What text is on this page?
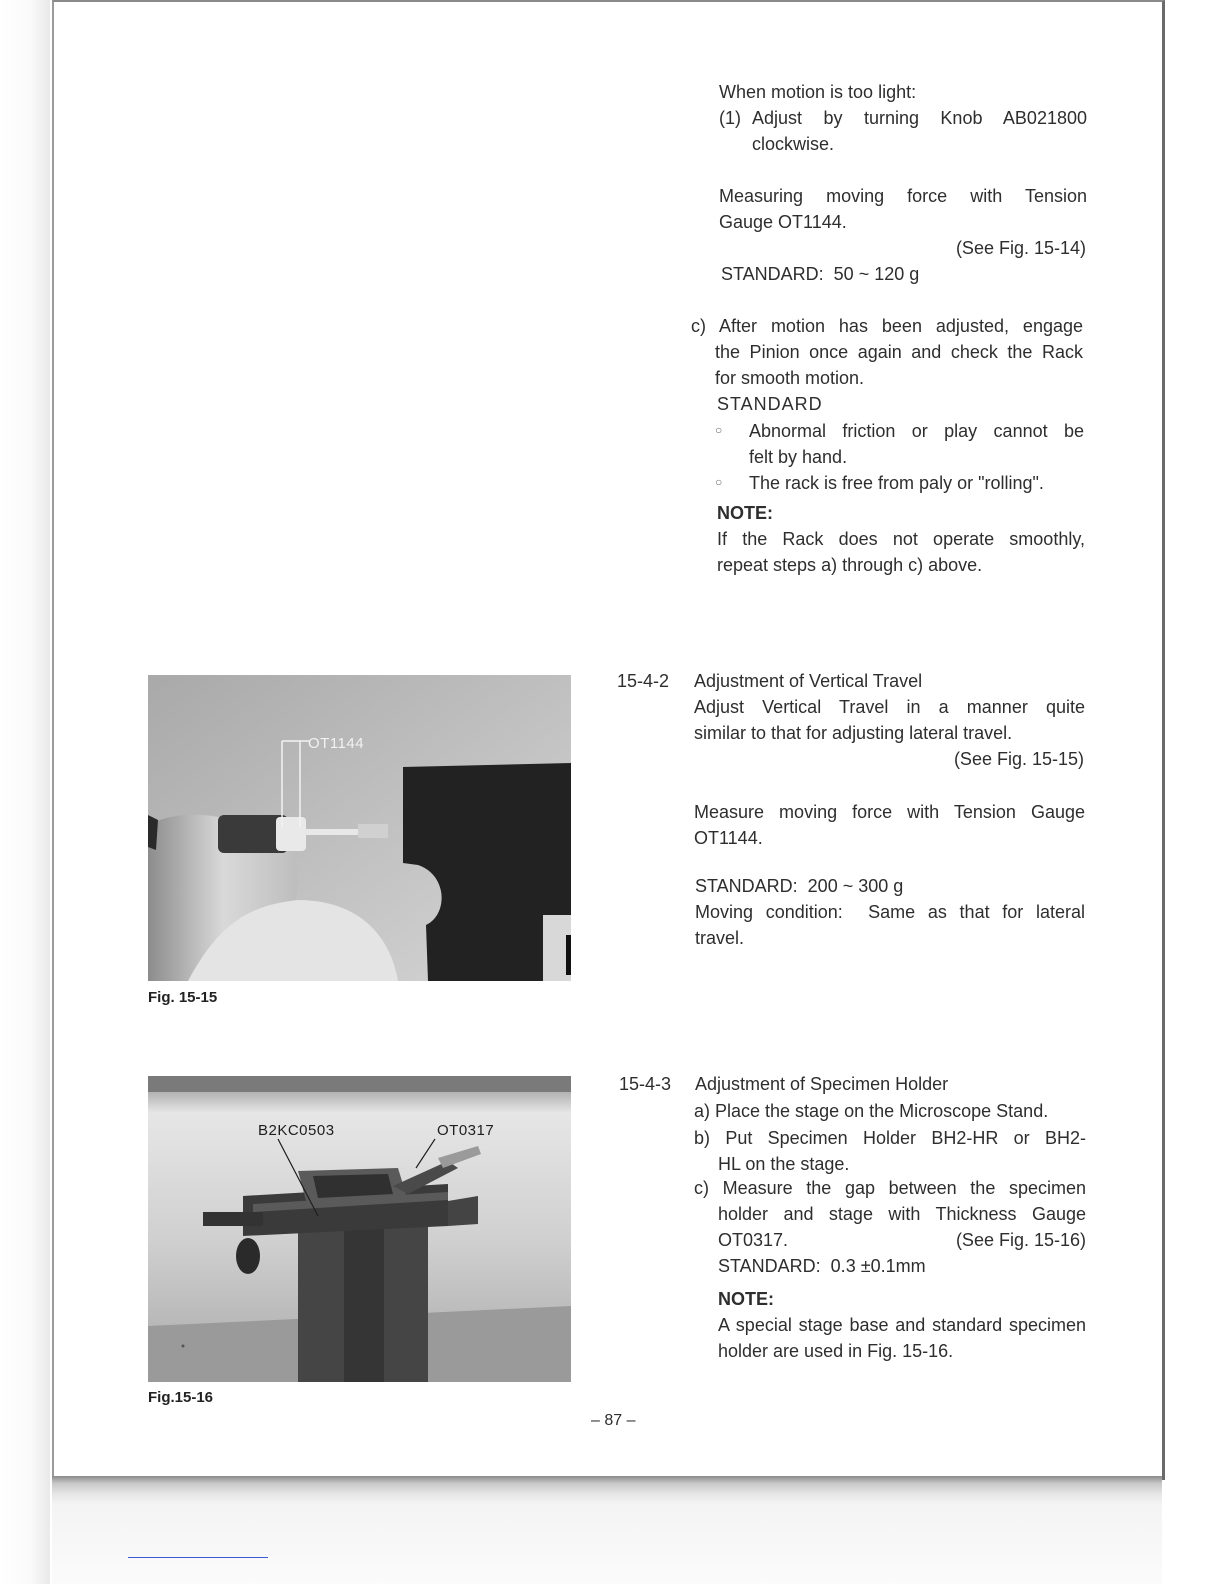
When motion is too light:
(1) Adjust by turning Knob AB021800
clockwise.
Measuring moving force with Tension
Gauge OT1144.
(See Fig. 15-14)
STANDARD:  50 ~ 120 g
c) After motion has been adjusted, engage
the Pinion once again and check the Rack
for smooth motion.
STANDARD
○ Abnormal friction or play cannot be
felt by hand.
○ The rack is free from paly or "rolling".
NOTE:
If the Rack does not operate smoothly,
repeat steps a) through c) above.
15-4-2 Adjustment of Vertical Travel
Adjust Vertical Travel in a manner quite
similar to that for adjusting lateral travel.
(See Fig. 15-15)
Measure moving force with Tension Gauge
OT1144.
STANDARD:  200 ~ 300 g
Moving condition:  Same as that for lateral
travel.
15-4-3 Adjustment of Specimen Holder
a) Place the stage on the Microscope Stand.
b) Put Specimen Holder BH2-HR or BH2-
HL on the stage.
c) Measure the gap between the specimen
holder and stage with Thickness Gauge
OT0317.	(See Fig. 15-16)
STANDARD:  0.3 ±0.1mm
NOTE:
A special stage base and standard specimen
holder are used in Fig. 15-16.
OT1144
Fig. 15-15
B2KC0503	OT0317
Fig.15-16
– 87 –
